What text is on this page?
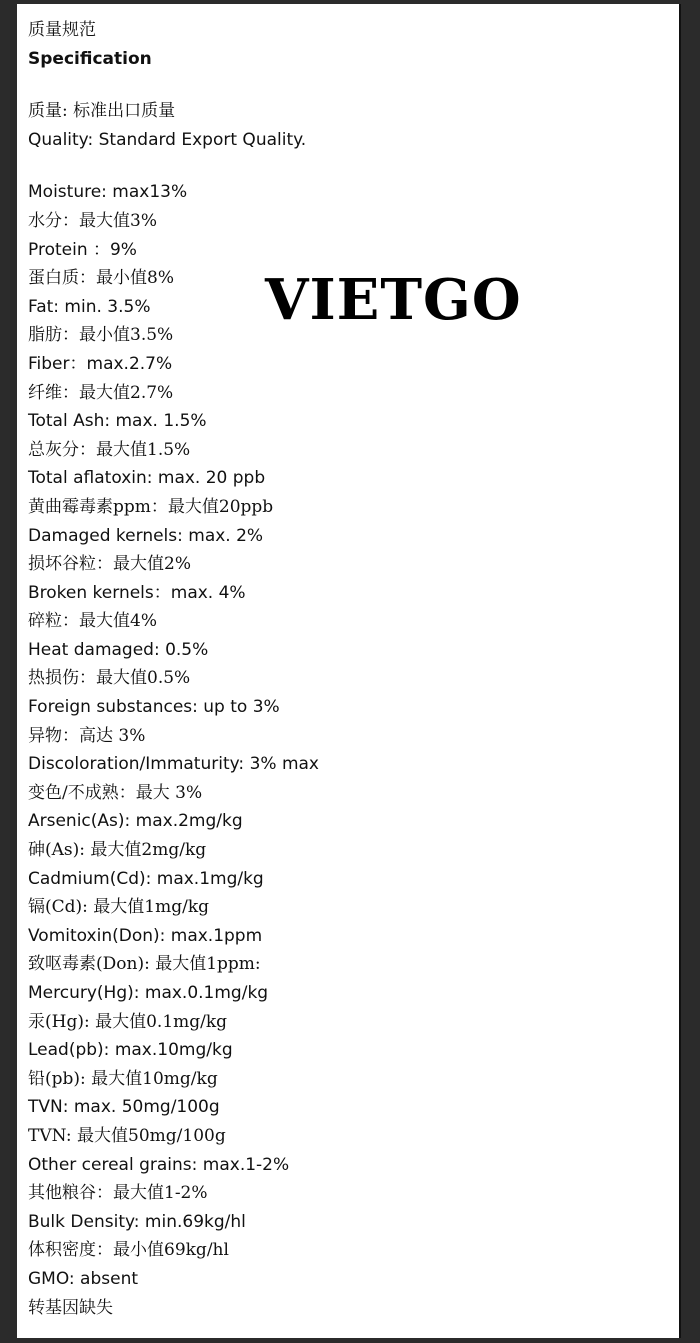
质量规范
Specification
质量: 标准出口质量
Quality: Standard Export Quality.
Moisture: max13%
水分：最大值3%
Protein ：9%
蛋白质：最小值8%
Fat: min. 3.5%
脂肪：最小值3.5%
Fiber：max.2.7%
纤维：最大值2.7%
Total Ash: max. 1.5%
总灰分：最大值1.5%
Total aflatoxin: max. 20 ppb
黄曲霉毒素ppm：最大值20ppb
Damaged kernels: max. 2%
损坏谷粒：最大值2%
Broken kernels：max. 4%
碎粒：最大值4%
Heat damaged: 0.5%
热损伤：最大值0.5%
Foreign substances: up to 3%
异物：高达 3%
Discoloration/Immaturity: 3% max
变色/不成熟：最大 3%
Arsenic(As): max.2mg/kg
砷(As): 最大值2mg/kg
Cadmium(Cd): max.1mg/kg
镉(Cd): 最大值1mg/kg
Vomitoxin(Don): max.1ppm
致呕毒素(Don): 最大值1ppm:
Mercury(Hg): max.0.1mg/kg
汞(Hg): 最大值0.1mg/kg
Lead(pb): max.10mg/kg
铅(pb): 最大值10mg/kg
TVN: max. 50mg/100g
TVN: 最大值50mg/100g
Other cereal grains: max.1-2%
其他粮谷：最大值1-2%
Bulk Density: min.69kg/hl
体积密度：最小值69kg/hl
GMO: absent
转基因缺失
VIETGO
